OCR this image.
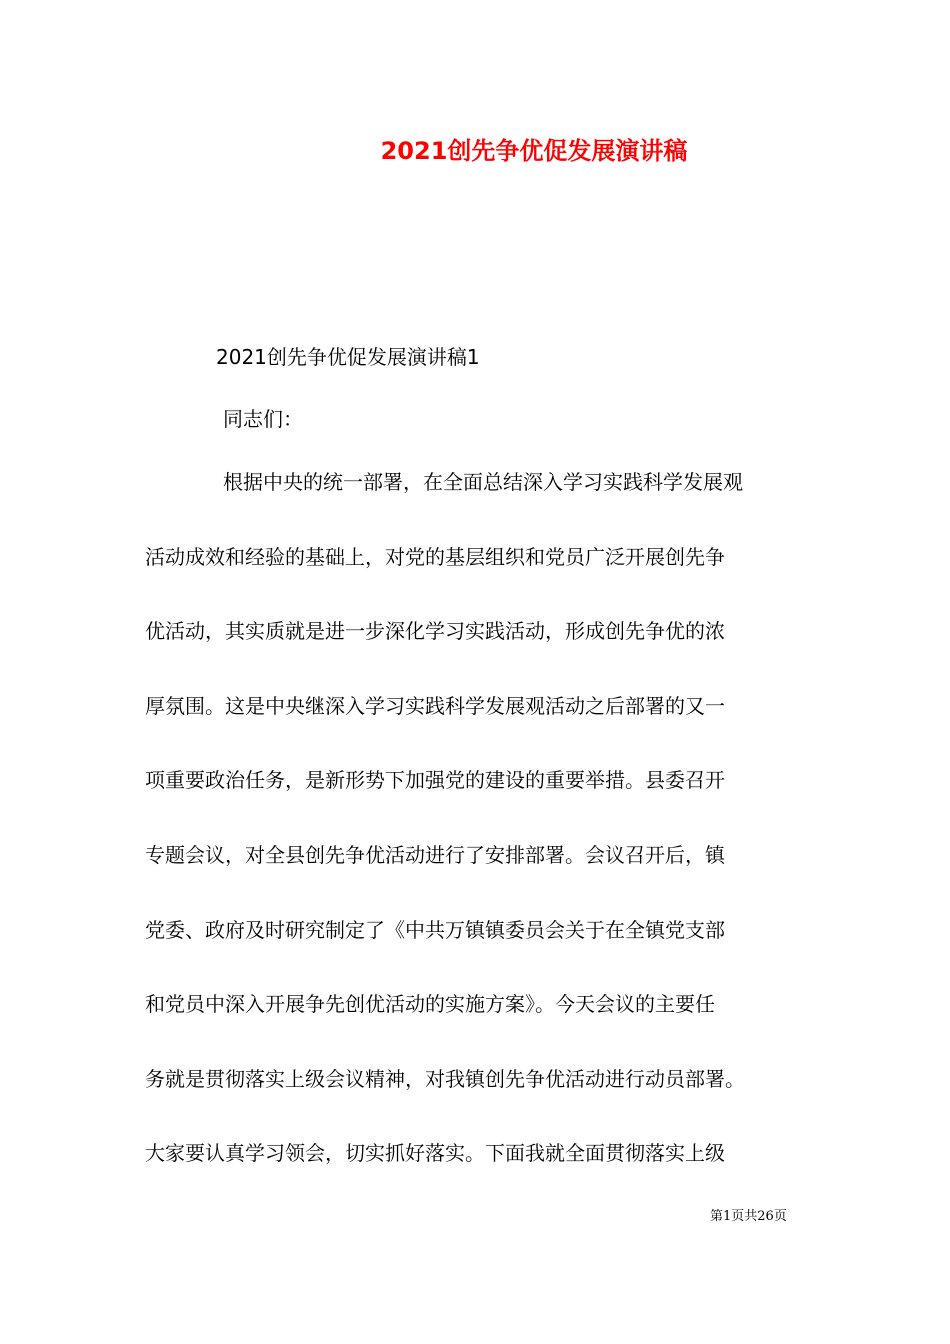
2021创先争优促发展演讲稿
2021创先争优促发展演讲稿1
同志们：
根据中央的统一部署，在全面总结深入学习实践科学发展观
活动成效和经验的基础上，对党的基层组织和党员广泛开展创先争
优活动，其实质就是进一步深化学习实践活动，形成创先争优的浓
厚氛围。这是中央继深入学习实践科学发展观活动之后部署的又一
项重要政治任务，是新形势下加强党的建设的重要举措。县委召开
专题会议，对全县创先争优活动进行了安排部署。会议召开后，镇
党委、政府及时研究制定了《中共万镇镇委员会关于在全镇党支部
和党员中深入开展争先创优活动的实施方案》。今天会议的主要任
务就是贯彻落实上级会议精神，对我镇创先争优活动进行动员部署。
大家要认真学习领会，切实抓好落实。下面我就全面贯彻落实上级
第1页共26页
